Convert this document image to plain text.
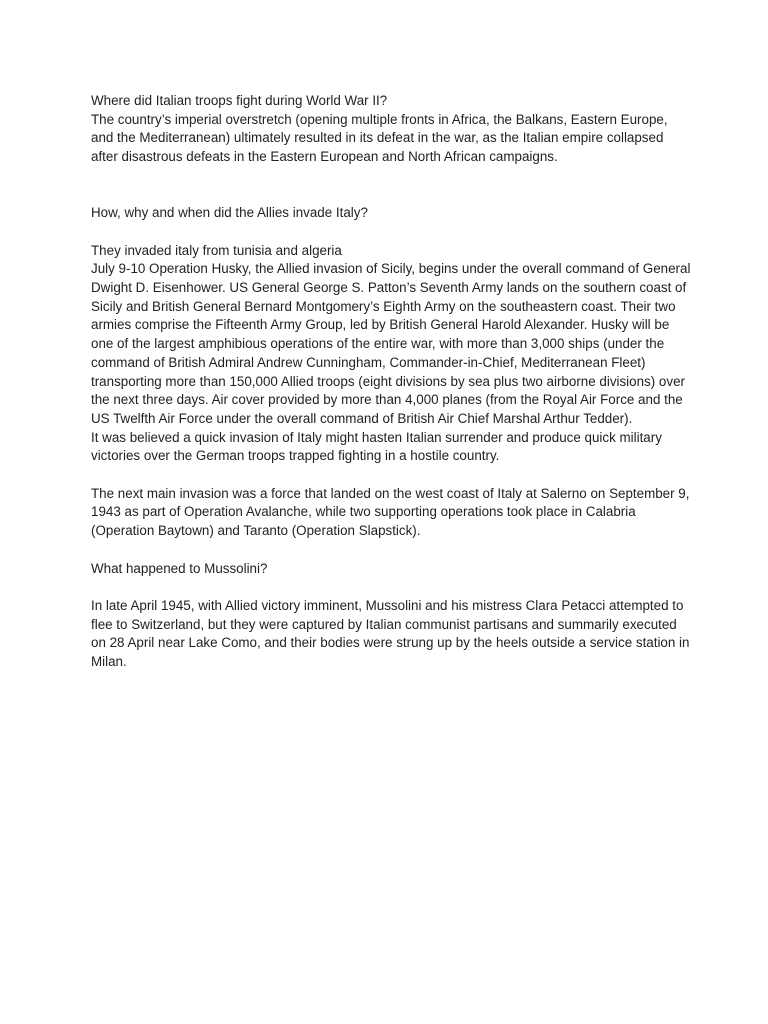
Where did Italian troops fight during World War II?

The country’s imperial overstretch (opening multiple fronts in Africa, the Balkans, Eastern Europe, and the Mediterranean) ultimately resulted in its defeat in the war, as the Italian empire collapsed after disastrous defeats in the Eastern European and North African campaigns.

How, why and when did the Allies invade Italy?

They invaded italy from tunisia and algeria

July 9-10 Operation Husky, the Allied invasion of Sicily, begins under the overall command of General Dwight D. Eisenhower. US General George S. Patton’s Seventh Army lands on the southern coast of Sicily and British General Bernard Montgomery’s Eighth Army on the southeastern coast. Their two armies comprise the Fifteenth Army Group, led by British General Harold Alexander. Husky will be one of the largest amphibious operations of the entire war, with more than 3,000 ships (under the command of British Admiral Andrew Cunningham, Commander-in-Chief, Mediterranean Fleet) transporting more than 150,000 Allied troops (eight divisions by sea plus two airborne divisions) over the next three days. Air cover provided by more than 4,000 planes (from the Royal Air Force and the US Twelfth Air Force under the overall command of British Air Chief Marshal Arthur Tedder).

It was believed a quick invasion of Italy might hasten Italian surrender and produce quick military victories over the German troops trapped fighting in a hostile country.

The next main invasion was a force that landed on the west coast of Italy at Salerno on September 9, 1943 as part of Operation Avalanche, while two supporting operations took place in Calabria (Operation Baytown) and Taranto (Operation Slapstick).

What happened to Mussolini?

In late April 1945, with Allied victory imminent, Mussolini and his mistress Clara Petacci attempted to flee to Switzerland, but they were captured by Italian communist partisans and summarily executed on 28 April near Lake Como, and their bodies were strung up by the heels outside a service station in Milan.
